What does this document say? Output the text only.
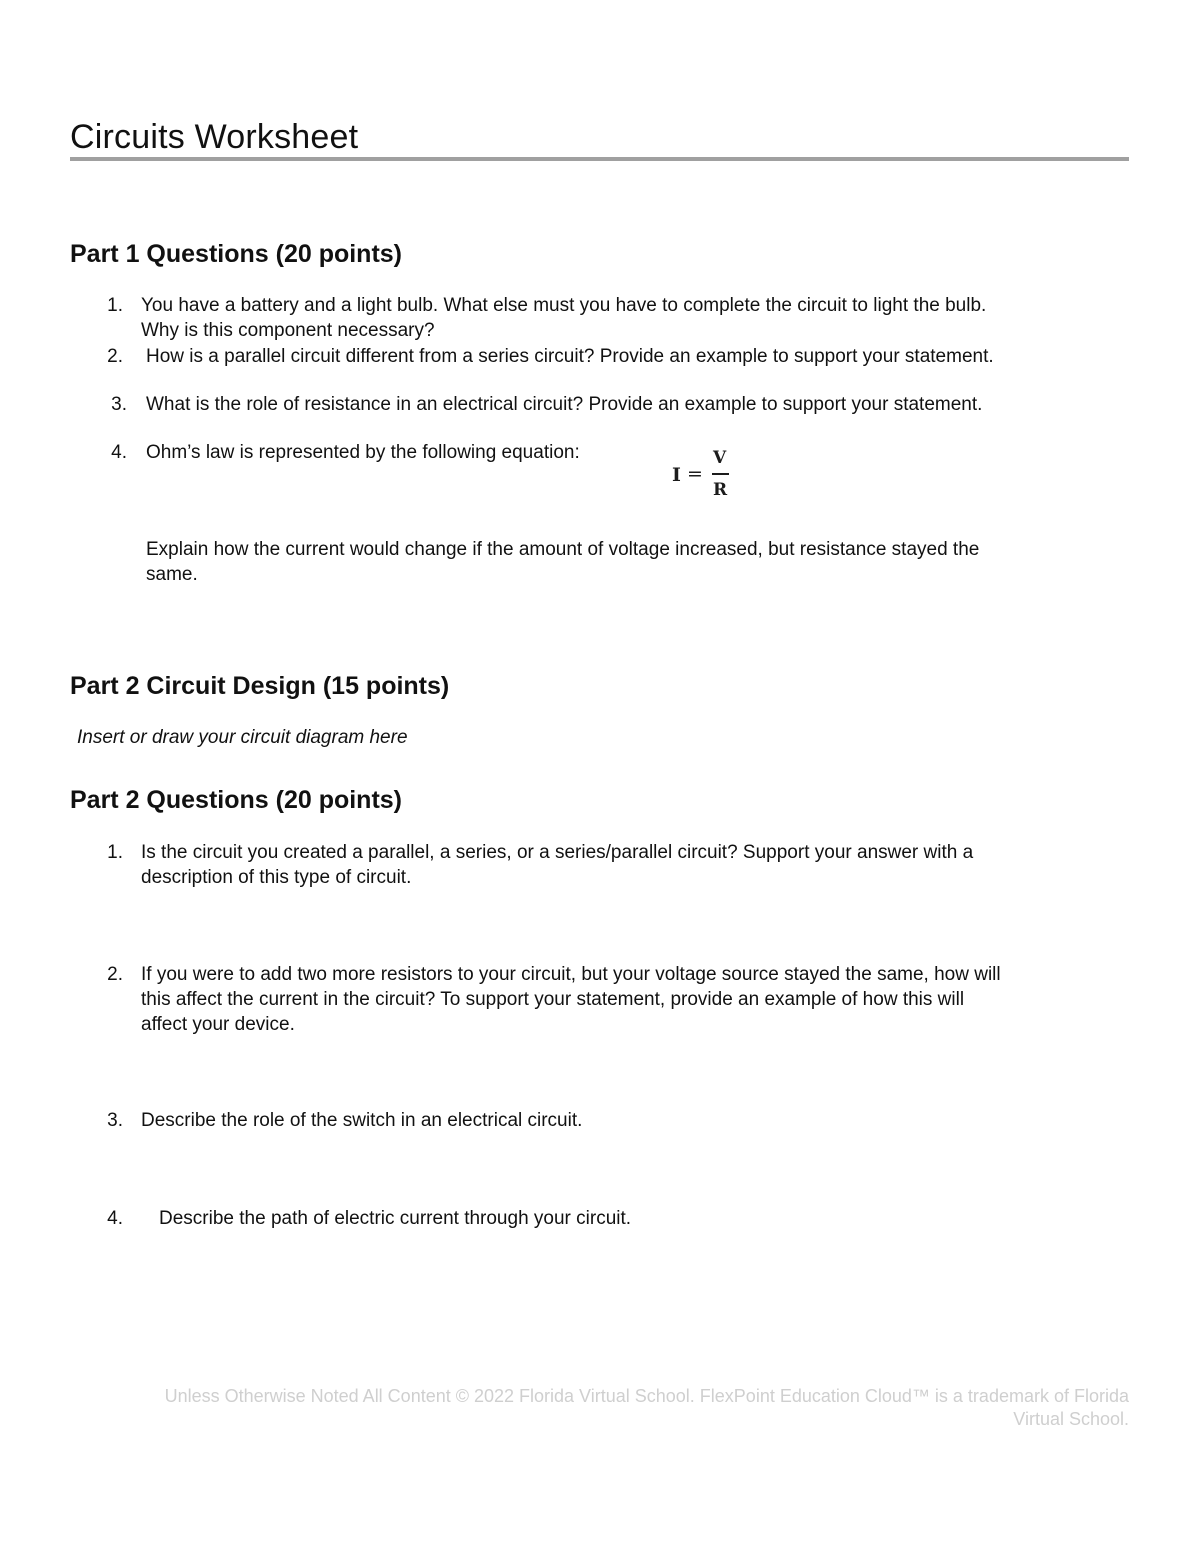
Circuits Worksheet
Part 1 Questions (20 points)
1. You have a battery and a light bulb. What else must you have to complete the circuit to light the bulb.
Why is this component necessary?
2. How is a parallel circuit different from a series circuit? Provide an example to support your statement.
3. What is the role of resistance in an electrical circuit? Provide an example to support your statement.
4. Ohm’s law is represented by the following equation:
I =
V
R
Explain how the current would change if the amount of voltage increased, but resistance stayed the
same.
Part 2 Circuit Design (15 points)
Insert or draw your circuit diagram here
Part 2 Questions (20 points)
1. Is the circuit you created a parallel, a series, or a series/parallel circuit? Support your answer with a
description of this type of circuit.
2. If you were to add two more resistors to your circuit, but your voltage source stayed the same, how will
this affect the current in the circuit? To support your statement, provide an example of how this will
affect your device.
3. Describe the role of the switch in an electrical circuit.
4. Describe the path of electric current through your circuit.
Unless Otherwise Noted All Content © 2022 Florida Virtual School. FlexPoint Education Cloud™ is a trademark of Florida
Virtual School.
